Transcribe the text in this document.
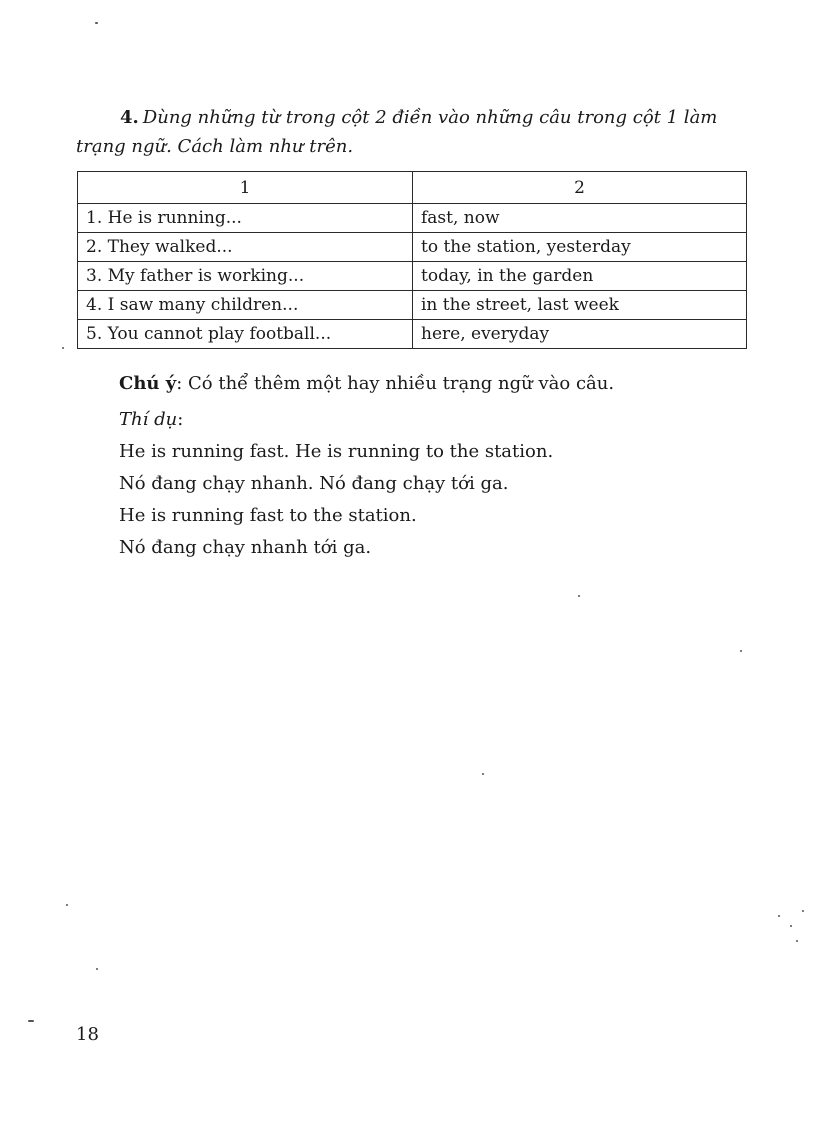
4. Dùng những từ trong cột 2 điền vào những câu trong cột 1 làm trạng ngữ. Cách làm như trên.

1	2
1. He is running...	fast, now
2. They walked...	to the station, yesterday
3. My father is working...	today, in the garden
4. I saw many children...	in the street, last week
5. You cannot play football...	here, everyday

Chú ý: Có thể thêm một hay nhiều trạng ngữ vào câu.

Thí dụ:

He is running fast. He is running to the station.

Nó đang chạy nhanh. Nó đang chạy tới ga.

He is running fast to the station.

Nó đang chạy nhanh tới ga.

18
